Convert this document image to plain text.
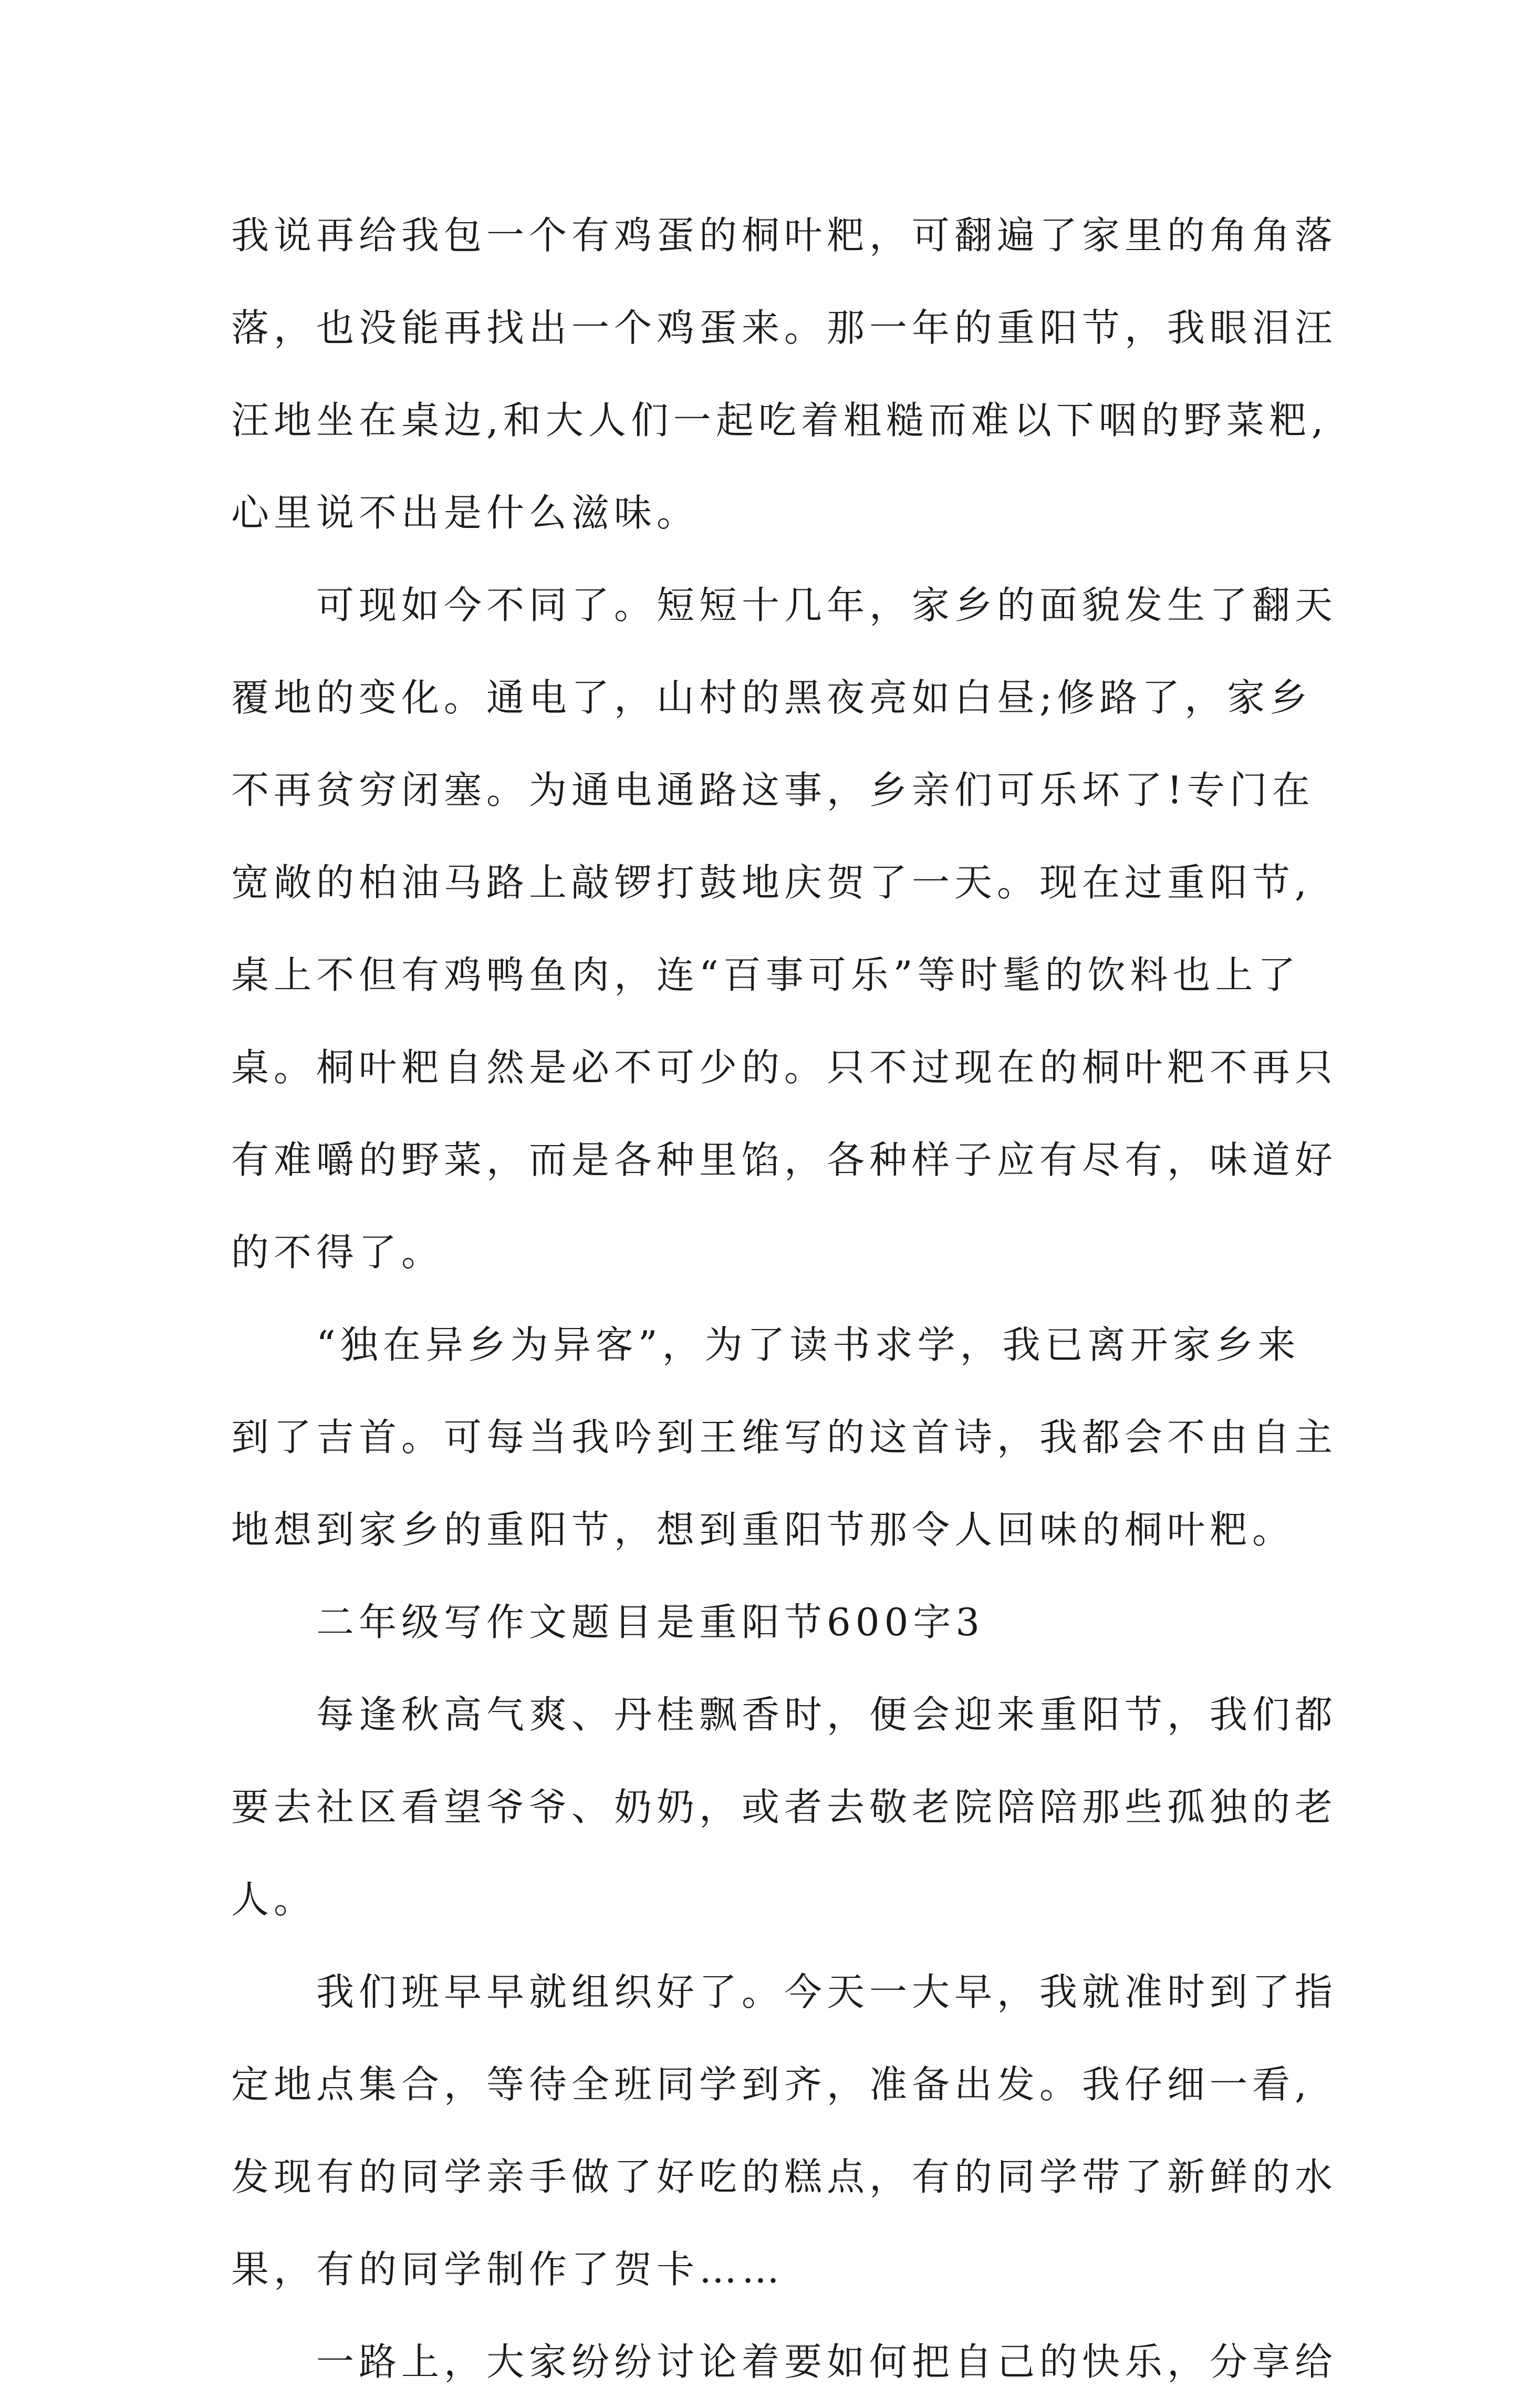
我说再给我包一个有鸡蛋的桐叶粑，可翻遍了家里的角角落
落，也没能再找出一个鸡蛋来。那一年的重阳节，我眼泪汪
汪地坐在桌边,和大人们一起吃着粗糙而难以下咽的野菜粑,
心里说不出是什么滋味。
可现如今不同了。短短十几年，家乡的面貌发生了翻天
覆地的变化。通电了，山村的黑夜亮如白昼;修路了，家乡
不再贫穷闭塞。为通电通路这事，乡亲们可乐坏了!专门在
宽敞的柏油马路上敲锣打鼓地庆贺了一天。现在过重阳节,
桌上不但有鸡鸭鱼肉，连“百事可乐”等时髦的饮料也上了
桌。桐叶粑自然是必不可少的。只不过现在的桐叶粑不再只
有难嚼的野菜，而是各种里馅，各种样子应有尽有，味道好
的不得了。
“独在异乡为异客”，为了读书求学，我已离开家乡来
到了吉首。可每当我吟到王维写的这首诗，我都会不由自主
地想到家乡的重阳节，想到重阳节那令人回味的桐叶粑。
二年级写作文题目是重阳节600字3
每逢秋高气爽、丹桂飘香时，便会迎来重阳节，我们都
要去社区看望爷爷、奶奶，或者去敬老院陪陪那些孤独的老
人。
我们班早早就组织好了。今天一大早，我就准时到了指
定地点集合，等待全班同学到齐，准备出发。我仔细一看,
发现有的同学亲手做了好吃的糕点，有的同学带了新鲜的水
果，有的同学制作了贺卡……
一路上，大家纷纷讨论着要如何把自己的快乐，分享给
